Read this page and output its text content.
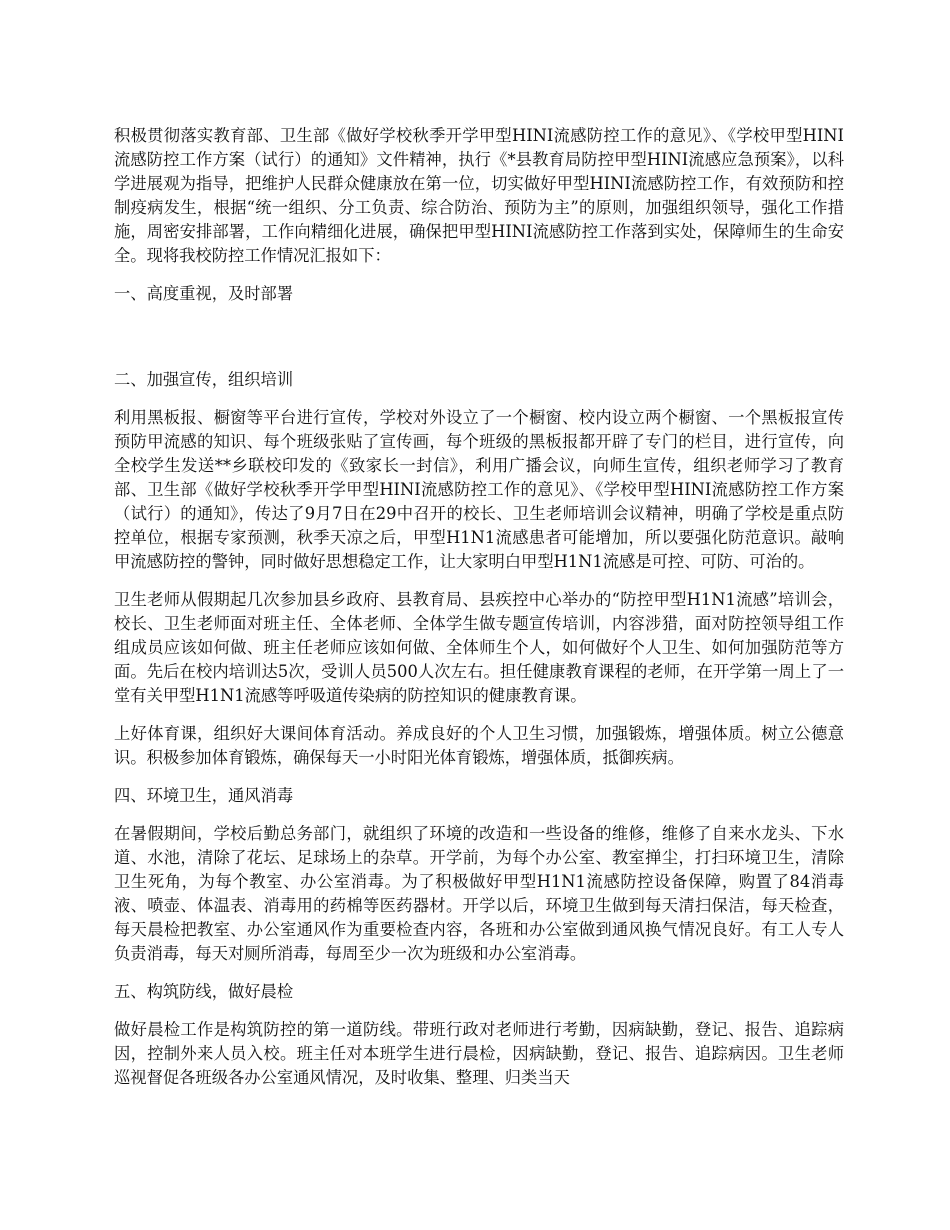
积极贯彻落实教育部、卫生部《做好学校秋季开学甲型HINI流感防控工作的意见》、《学校甲型HINI流感防控工作方案（试行）的通知》文件精神，执行《*县教育局防控甲型HINI流感应急预案》，以科学进展观为指导，把维护人民群众健康放在第一位，切实做好甲型HINI流感防控工作，有效预防和控制疫病发生，根据“统一组织、分工负责、综合防治、预防为主”的原则，加强组织领导，强化工作措施，周密安排部署，工作向精细化进展，确保把甲型HINI流感防控工作落到实处，保障师生的生命安全。现将我校防控工作情况汇报如下：

一、高度重视，及时部署

二、加强宣传，组织培训

利用黑板报、橱窗等平台进行宣传，学校对外设立了一个橱窗、校内设立两个橱窗、一个黑板报宣传预防甲流感的知识、每个班级张贴了宣传画，每个班级的黑板报都开辟了专门的栏目，进行宣传，向全校学生发送**乡联校印发的《致家长一封信》，利用广播会议，向师生宣传，组织老师学习了教育部、卫生部《做好学校秋季开学甲型HINI流感防控工作的意见》、《学校甲型HINI流感防控工作方案（试行）的通知》，传达了9月7日在29中召开的校长、卫生老师培训会议精神，明确了学校是重点防控单位，根据专家预测，秋季天凉之后，甲型H1N1流感患者可能增加，所以要强化防范意识。敲响甲流感防控的警钟，同时做好思想稳定工作，让大家明白甲型H1N1流感是可控、可防、可治的。

卫生老师从假期起几次参加县乡政府、县教育局、县疾控中心举办的“防控甲型H1N1流感”培训会，校长、卫生老师面对班主任、全体老师、全体学生做专题宣传培训，内容涉猎，面对防控领导组工作组成员应该如何做、班主任老师应该如何做、全体师生个人，如何做好个人卫生、如何加强防范等方面。先后在校内培训达5次，受训人员500人次左右。担任健康教育课程的老师，在开学第一周上了一堂有关甲型H1N1流感等呼吸道传染病的防控知识的健康教育课。

上好体育课，组织好大课间体育活动。养成良好的个人卫生习惯，加强锻炼，增强体质。树立公德意识。积极参加体育锻炼，确保每天一小时阳光体育锻炼，增强体质，抵御疾病。

四、环境卫生，通风消毒

在暑假期间，学校后勤总务部门，就组织了环境的改造和一些设备的维修，维修了自来水龙头、下水道、水池，清除了花坛、足球场上的杂草。开学前，为每个办公室、教室掸尘，打扫环境卫生，清除卫生死角，为每个教室、办公室消毒。为了积极做好甲型H1N1流感防控设备保障，购置了84消毒液、喷壶、体温表、消毒用的药棉等医药器材。开学以后，环境卫生做到每天清扫保洁，每天检查，每天晨检把教室、办公室通风作为重要检查内容，各班和办公室做到通风换气情况良好。有工人专人负责消毒，每天对厕所消毒，每周至少一次为班级和办公室消毒。

五、构筑防线，做好晨检

做好晨检工作是构筑防控的第一道防线。带班行政对老师进行考勤，因病缺勤，登记、报告、追踪病因，控制外来人员入校。班主任对本班学生进行晨检，因病缺勤，登记、报告、追踪病因。卫生老师巡视督促各班级各办公室通风情况，及时收集、整理、归类当天
